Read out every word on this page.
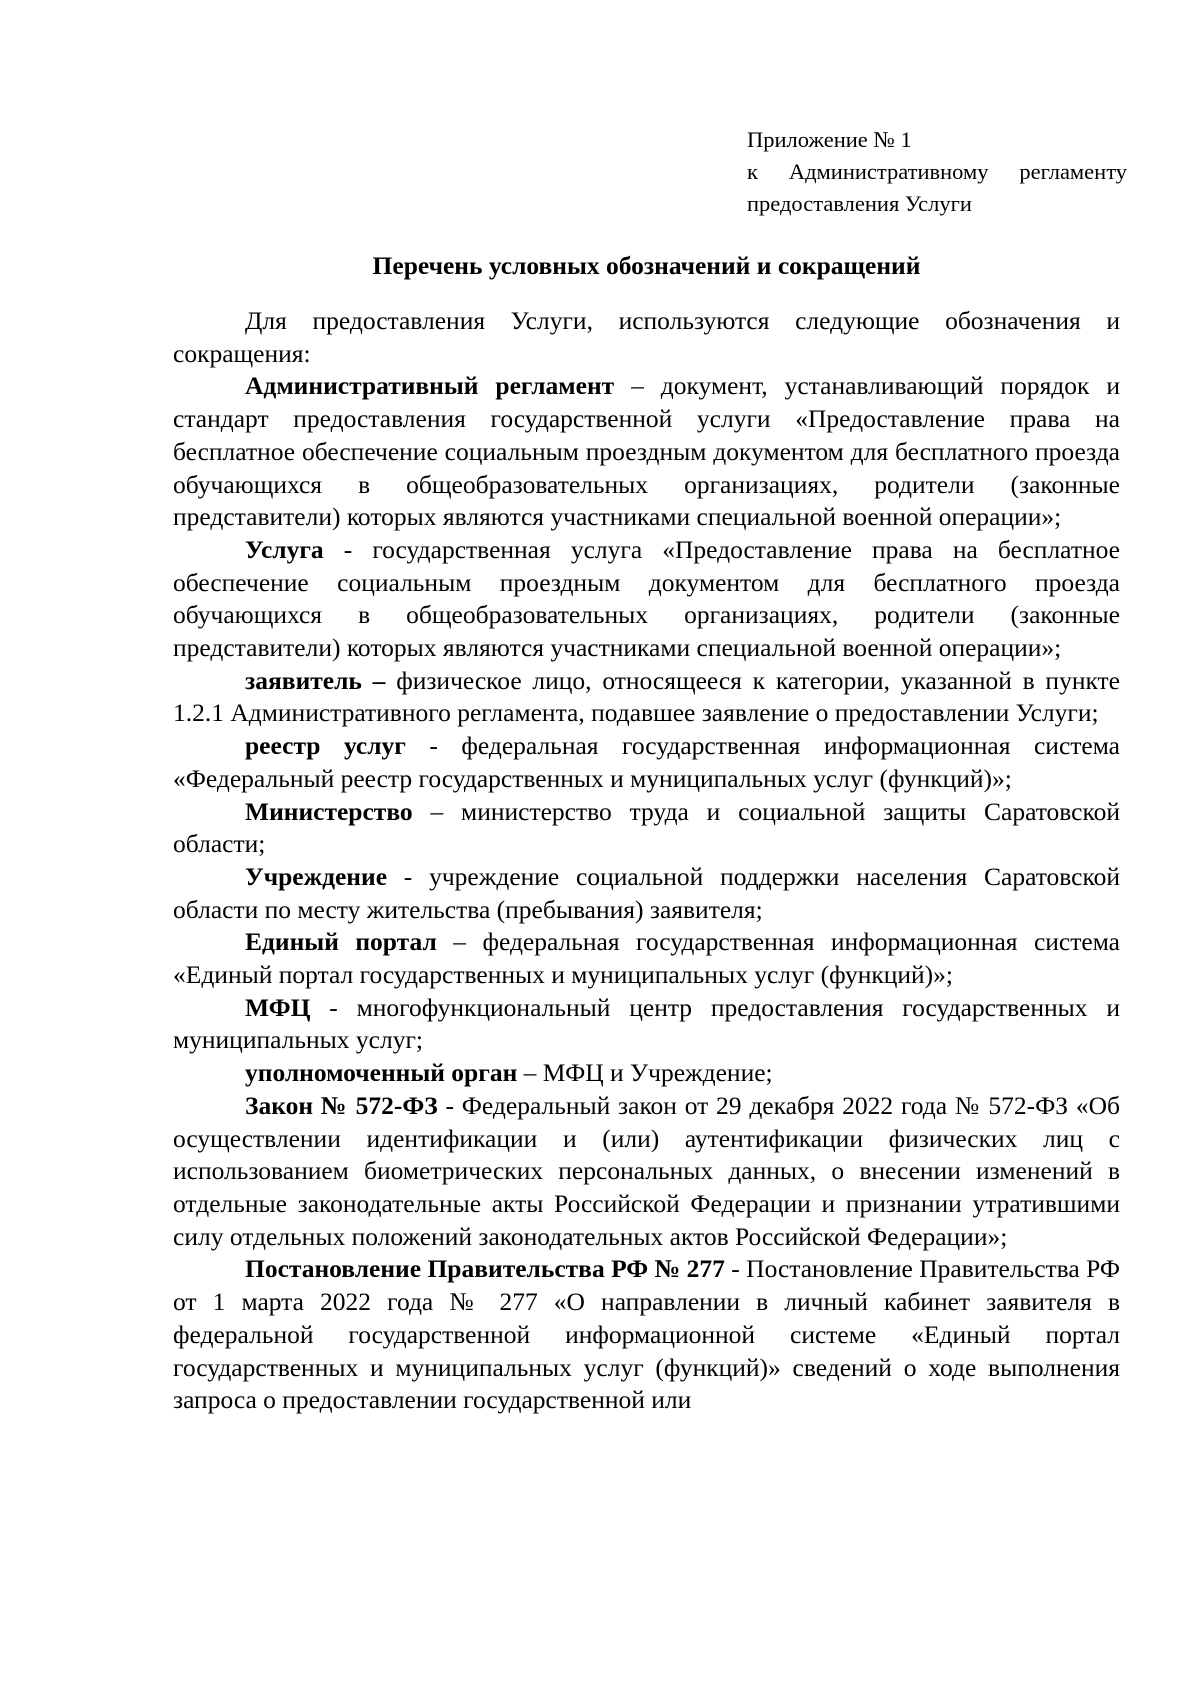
Приложение № 1
к Административному регламенту
предоставления Услуги
Перечень условных обозначений и сокращений

Для предоставления Услуги, используются следующие обозначения и сокращения:

Административный регламент – документ, устанавливающий порядок и стандарт предоставления государственной услуги «Предоставление права на бесплатное обеспечение социальным проездным документом для бесплатного проезда обучающихся в общеобразовательных организациях, родители (законные представители) которых являются участниками специальной военной операции»;

Услуга - государственная услуга «Предоставление права на бесплатное обеспечение социальным проездным документом для бесплатного проезда обучающихся в общеобразовательных организациях, родители (законные представители) которых являются участниками специальной военной операции»;

заявитель – физическое лицо, относящееся к категории, указанной в пункте 1.2.1 Административного регламента, подавшее заявление о предоставлении Услуги;

реестр услуг - федеральная государственная информационная система «Федеральный реестр государственных и муниципальных услуг (функций)»;

Министерство – министерство труда и социальной защиты Саратовской области;

Учреждение - учреждение социальной поддержки населения Саратовской области по месту жительства (пребывания) заявителя;

Единый портал – федеральная государственная информационная система «Единый портал государственных и муниципальных услуг (функций)»;

МФЦ - многофункциональный центр предоставления государственных и муниципальных услуг;

уполномоченный орган – МФЦ и Учреждение;

Закон № 572-ФЗ - Федеральный закон от 29 декабря 2022 года № 572-ФЗ «Об осуществлении идентификации и (или) аутентификации физических лиц с использованием биометрических персональных данных, о внесении изменений в отдельные законодательные акты Российской Федерации и признании утратившими силу отдельных положений законодательных актов Российской Федерации»;

Постановление Правительства РФ № 277 - Постановление Правительства РФ от 1 марта 2022 года № 277 «О направлении в личный кабинет заявителя в федеральной государственной информационной системе «Единый портал государственных и муниципальных услуг (функций)» сведений о ходе выполнения запроса о предоставлении государственной или
